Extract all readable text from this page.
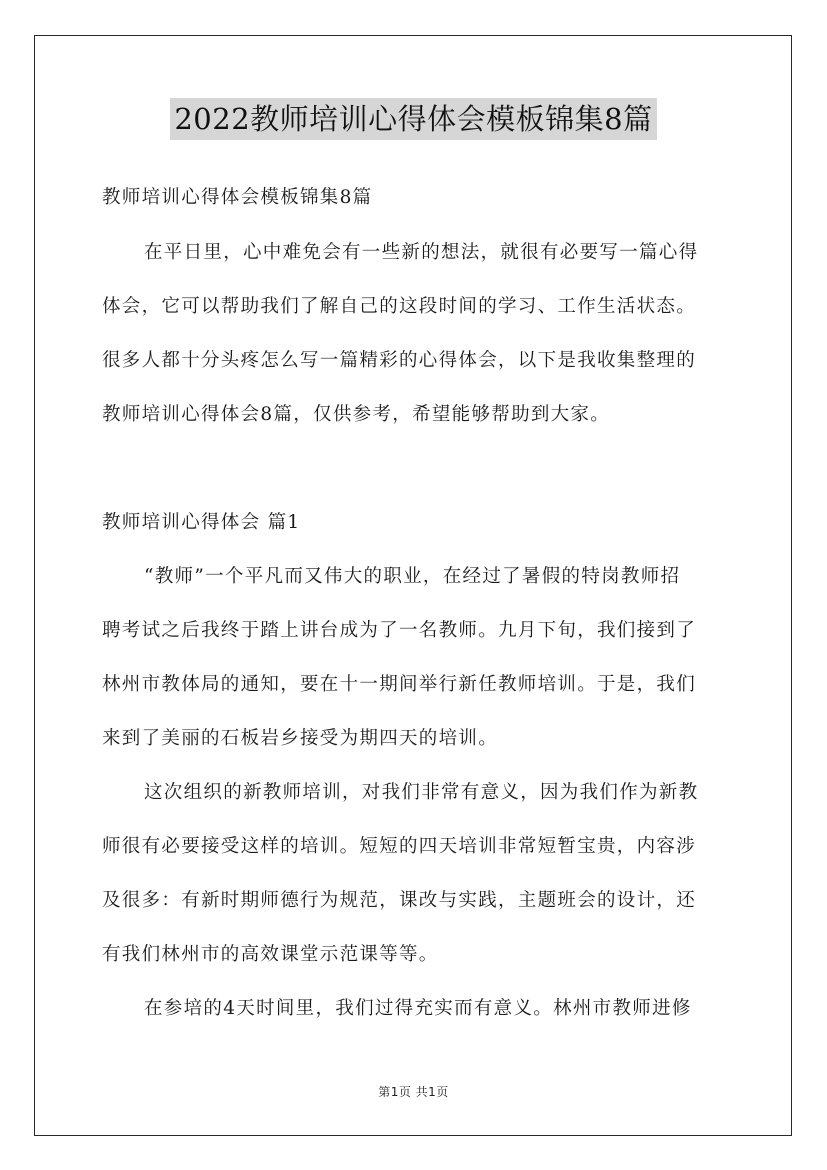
2022教师培训心得体会模板锦集8篇
教师培训心得体会模板锦集8篇
在平日里，心中难免会有一些新的想法，就很有必要写一篇心得
体会，它可以帮助我们了解自己的这段时间的学习、工作生活状态。
很多人都十分头疼怎么写一篇精彩的心得体会，以下是我收集整理的
教师培训心得体会8篇，仅供参考，希望能够帮助到大家。
教师培训心得体会 篇1
“教师”一个平凡而又伟大的职业，在经过了暑假的特岗教师招
聘考试之后我终于踏上讲台成为了一名教师。九月下旬，我们接到了
林州市教体局的通知，要在十一期间举行新任教师培训。于是，我们
来到了美丽的石板岩乡接受为期四天的培训。
这次组织的新教师培训，对我们非常有意义，因为我们作为新教
师很有必要接受这样的培训。短短的四天培训非常短暂宝贵，内容涉
及很多：有新时期师德行为规范，课改与实践，主题班会的设计，还
有我们林州市的高效课堂示范课等等。
在参培的4天时间里，我们过得充实而有意义。林州市教师进修
第1页 共1页
